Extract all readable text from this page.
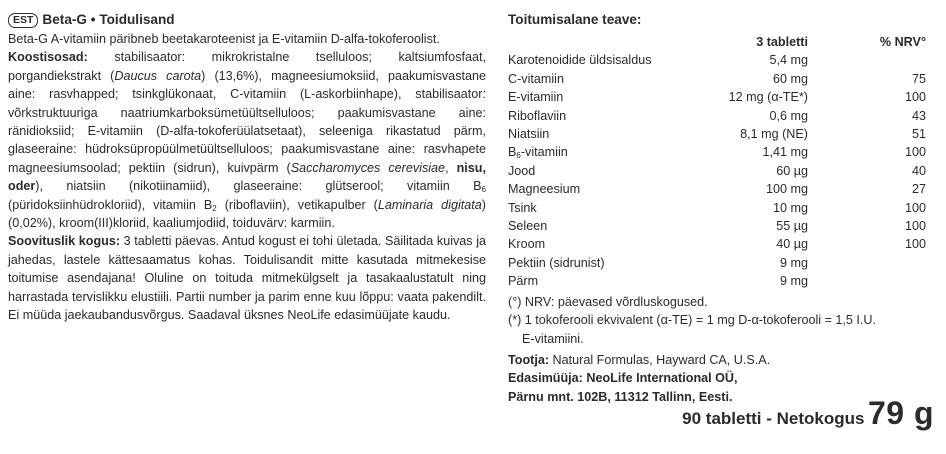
EST Beta-G • Toidulisand

Beta-G A-vitamiin päribneb beetakaroteenist ja E-vitamiin D-alfa-tokoferoolist.

Koostisosad: stabilisaator: mikrokristalne tselluloos; kaltsiumfosfaat, porgandiekstrakt (Daucus carota) (13,6%), magneesiumoksiid, paakumisvastane aine: rasvhapped; tsinkglükonaat, C-vitamiin (L-askorbiinhape), stabilisaator: võrkstruktuuriga naatriumkarboksümetüültselluloos; paakumisvastane aine: ränidioksiid; E-vitamiin (D-alfa-tokoferüülatsetaat), seleeniga rikastatud pärm, glaseeraine: hüdroksüpropüülmetüültselluloos; paakumisvastane aine: rasvhapete magneesiumsoolad; pektiin (sidrun), kuivpärm (Saccharomyces cerevisiae, nisu, oder), niatsiin (nikotiinamiid), glaseeraine: glütserool; vitamiin $B_6$ (püridoksiinhüdrokloriid), vitamiin $B_2$ (riboflaviin), vetikapulber (Laminaria digitata) (0,02%), kroom(III)kloriid, kaaliumjodiid, toiduvärv: karmiin.

Soovituslik kogus: 3 tabletti päevas. Antud kogust ei tohi ületada. Säilitada kuivas ja jahedas, lastele kättesaamatus kohas. Toidulisandit mitte kasutada mitmekesise toitumise asendajana! Oluline on toituda mitmekülgselt ja tasakaalustatult ning harrastada tervislikku elustiili. Partii number ja parim enne kuu lõppu: vaata pakendilt. Ei müüda jaekaubandusvõrgus. Saadaval üksnes NeoLife edasimüüjate kaudu.

Toitumisalane teave:
	3 tabletti	% NRV°
Karotenoidide üldsisaldus	5,4 mg	
C-vitamiin	60 mg	75
E-vitamiin	12 mg (α-TE*)	100
Riboflaviin	0,6 mg	43
Niatsiin	8,1 mg (NE)	51
$B_6$-vitamiin	1,41 mg	100
Jood	60 µg	40
Magneesium	100 mg	27
Tsink	10 mg	100
Seleen	55 µg	100
Kroom	40 µg	100
Pektiin (sidrunist)	9 mg	
Pärm	9 mg	
(°) NRV: päevased võrdluskogused.
(*) 1 tokoferooli ekvivalent (α-TE) = 1 mg D-α-tokoferooli = 1,5 I.U.
E-vitamiini.
Tootja: Natural Formulas, Hayward CA, U.S.A.
Edasimüüja: NeoLife International OÜ,
Pärnu mnt. 102B, 11312 Tallinn, Eesti.
90 tabletti - Netokogus 79 g
